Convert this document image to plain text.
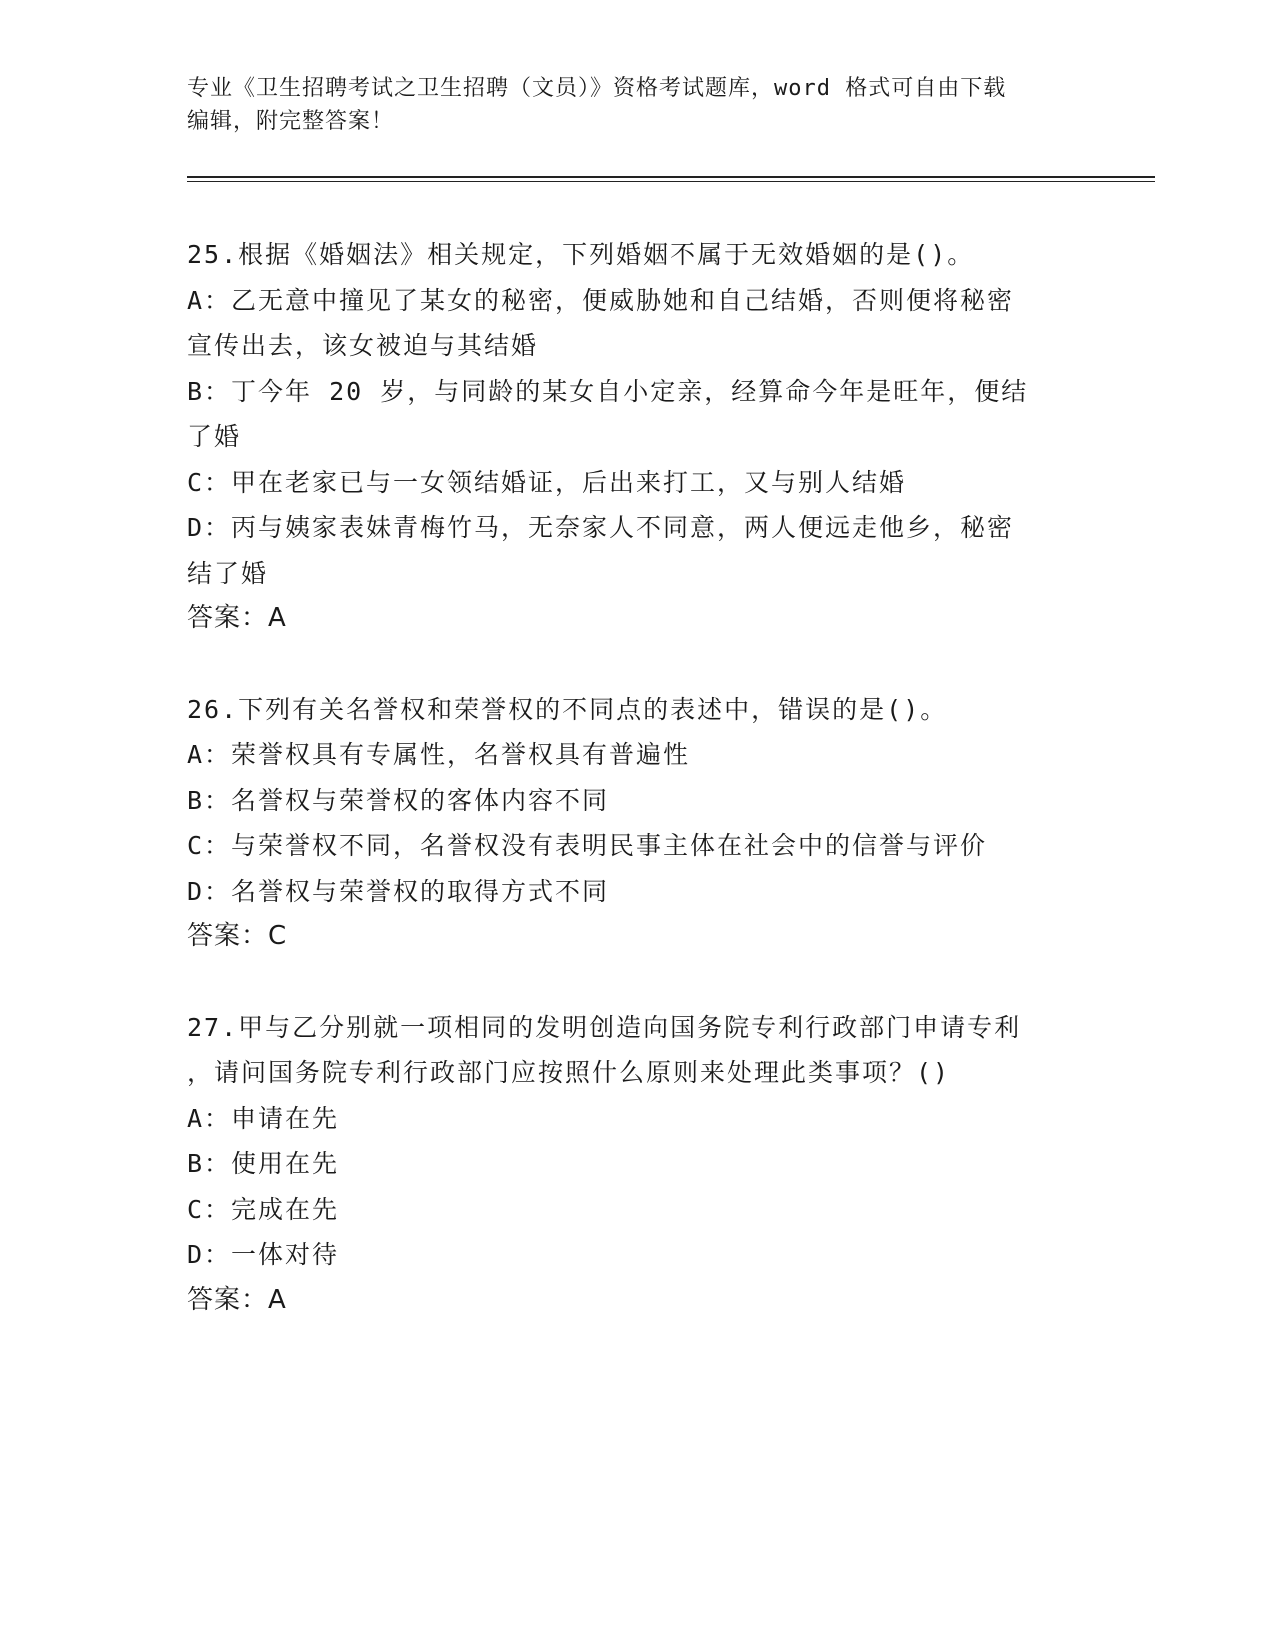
专业《卫生招聘考试之卫生招聘（文员）》资格考试题库，word 格式可自由下载
编辑，附完整答案！
25.根据《婚姻法》相关规定，下列婚姻不属于无效婚姻的是()。
A：乙无意中撞见了某女的秘密，便威胁她和自己结婚，否则便将秘密
宣传出去，该女被迫与其结婚
B：丁今年 20 岁，与同龄的某女自小定亲，经算命今年是旺年，便结
了婚
C：甲在老家已与一女领结婚证，后出来打工，又与别人结婚
D：丙与姨家表妹青梅竹马，无奈家人不同意，两人便远走他乡，秘密
结了婚
答案：A
26.下列有关名誉权和荣誉权的不同点的表述中，错误的是()。
A：荣誉权具有专属性，名誉权具有普遍性
B：名誉权与荣誉权的客体内容不同
C：与荣誉权不同，名誉权没有表明民事主体在社会中的信誉与评价
D：名誉权与荣誉权的取得方式不同
答案：C
27.甲与乙分别就一项相同的发明创造向国务院专利行政部门申请专利
，请问国务院专利行政部门应按照什么原则来处理此类事项？()
A：申请在先
B：使用在先
C：完成在先
D：一体对待
答案：A
